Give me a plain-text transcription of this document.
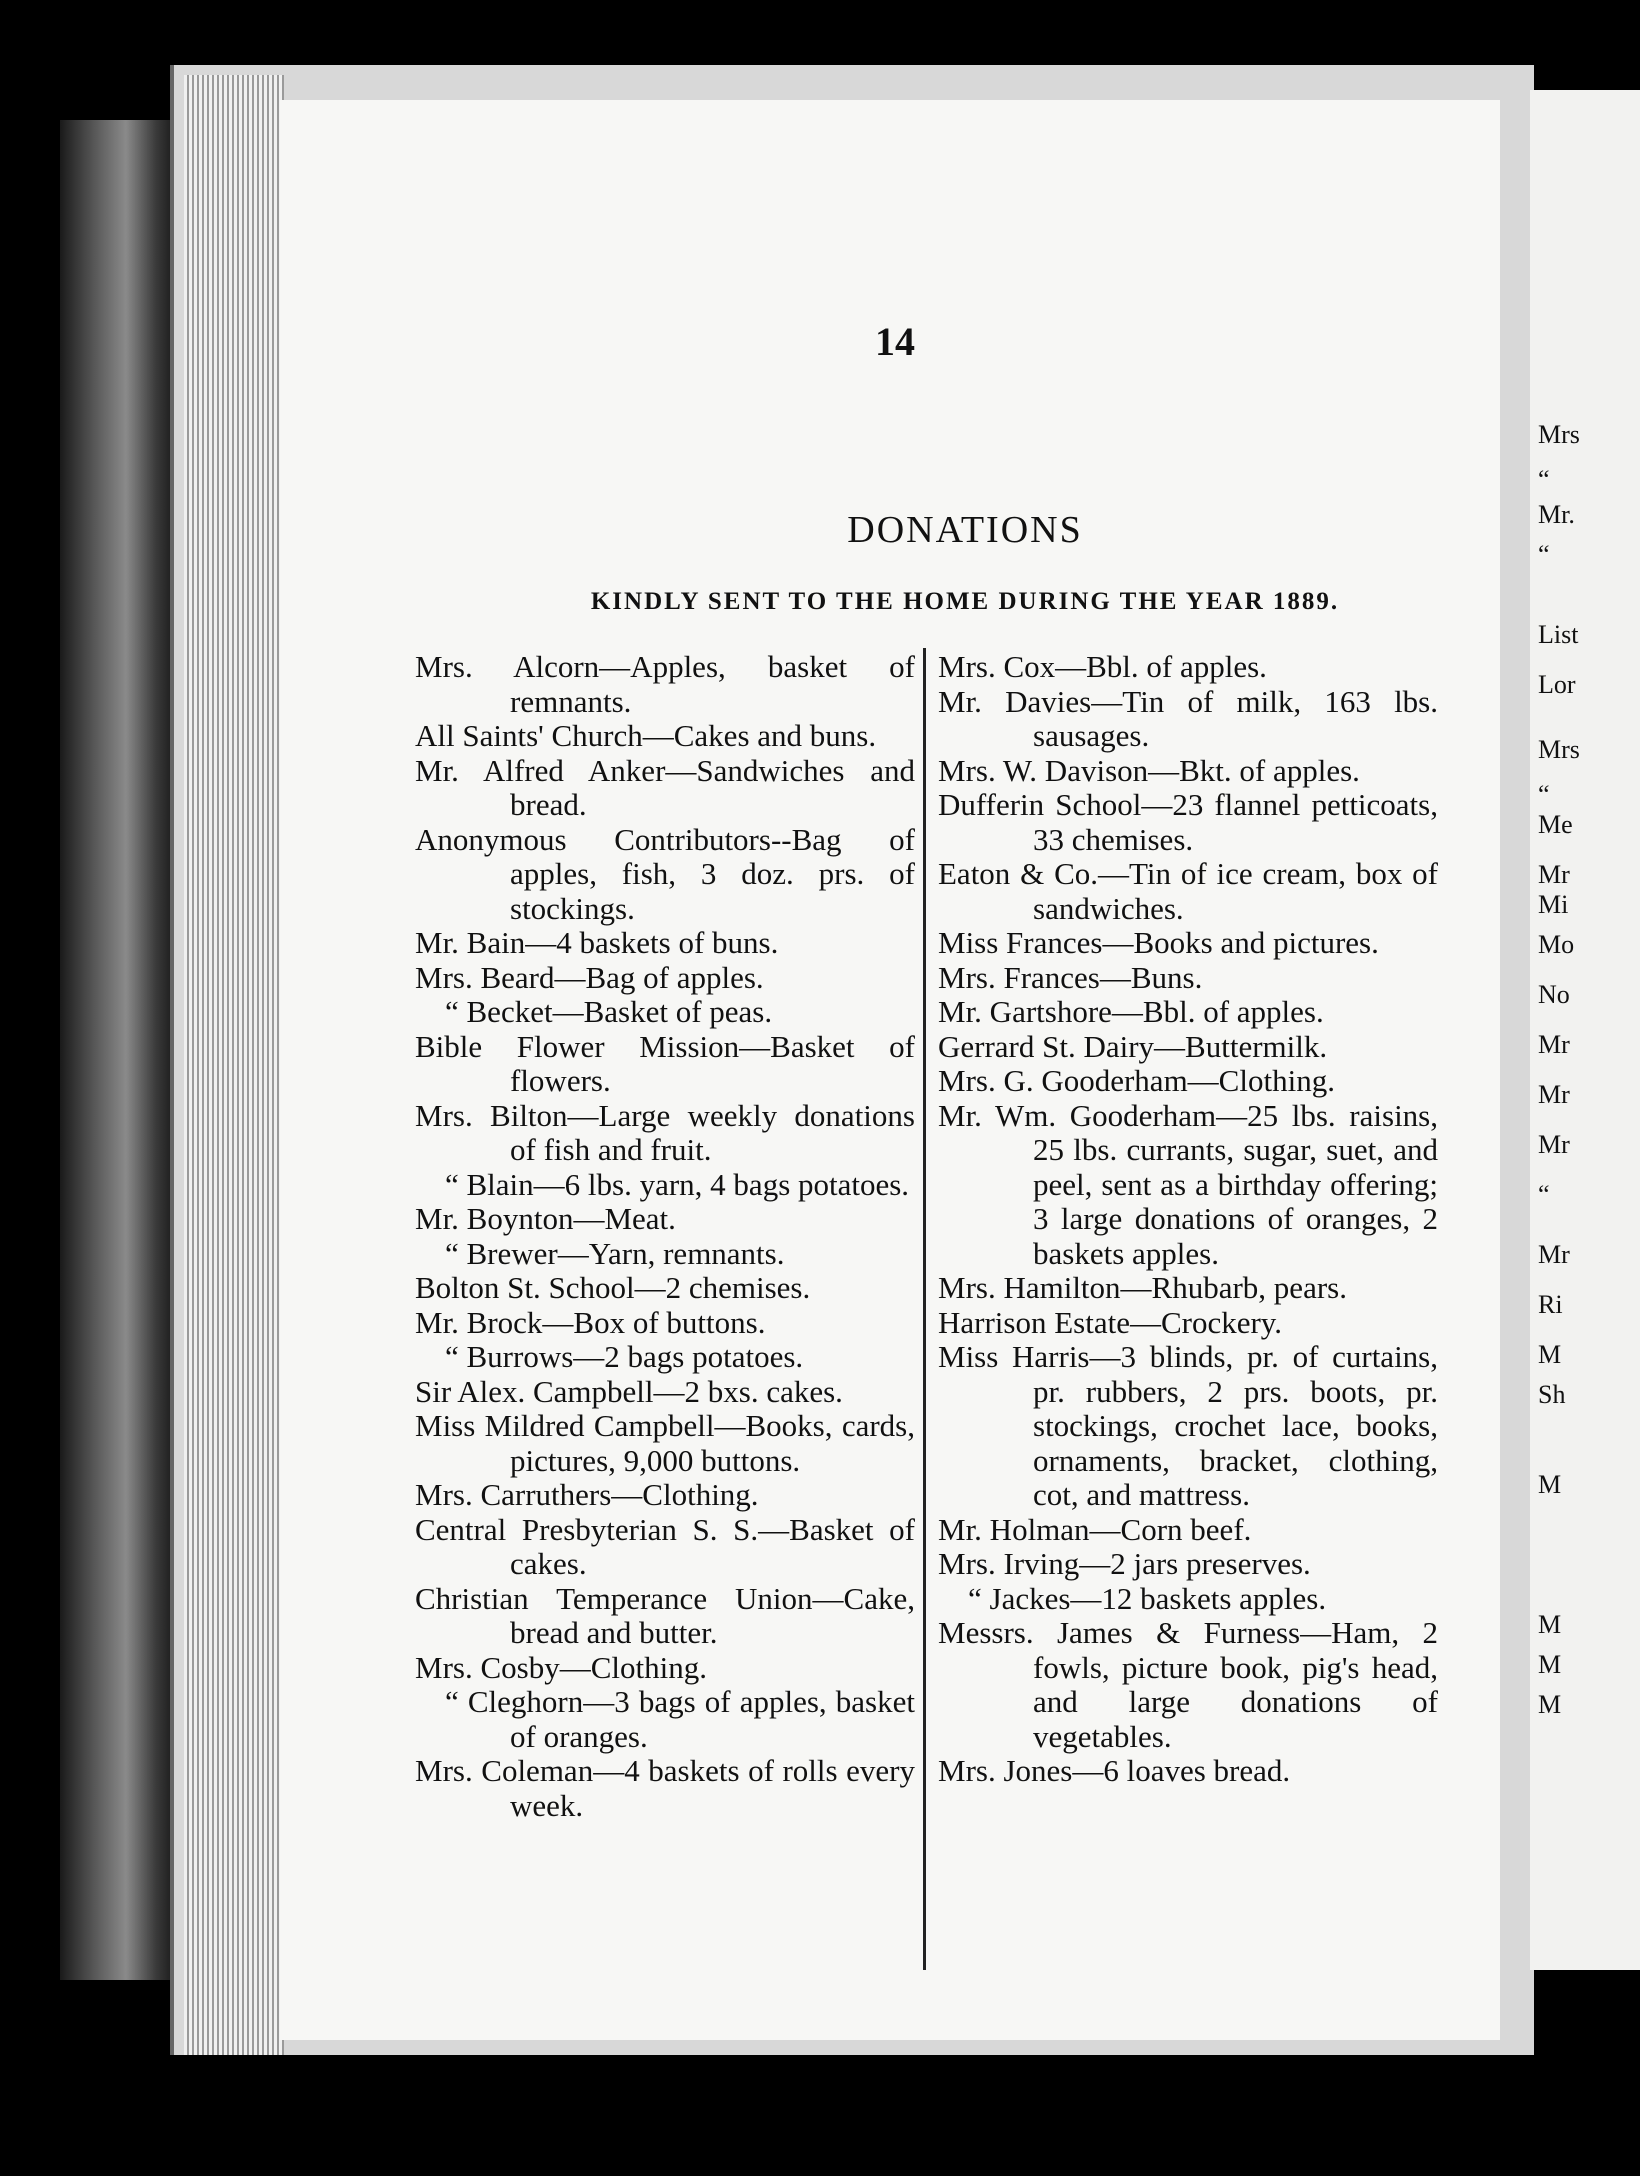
Mrs
“
Mr.
“
List
Lor
Mrs
“
Me
Mr
Mi
Mo
No
Mr
Mr
Mr
“
Mr
Ri
M
Sh
M
M
M
M
14
DONATIONS
KINDLY SENT TO THE HOME DURING THE YEAR 1889.
Mrs. Alcorn—Apples, basket of remnants.
All Saints' Church—Cakes and buns.
Mr. Alfred Anker—Sandwiches and bread.
Anonymous Contributors--Bag of apples, fish, 3 doz. prs. of stockings.
Mr. Bain—4 baskets of buns.
Mrs. Beard—Bag of apples.
“ Becket—Basket of peas.
Bible Flower Mission—Basket of flowers.
Mrs. Bilton—Large weekly donations of fish and fruit.
“ Blain—6 lbs. yarn, 4 bags potatoes.
Mr. Boynton—Meat.
“ Brewer—Yarn, remnants.
Bolton St. School—2 chemises.
Mr. Brock—Box of buttons.
“ Burrows—2 bags potatoes.
Sir Alex. Campbell—2 bxs. cakes.
Miss Mildred Campbell—Books, cards, pictures, 9,000 buttons.
Mrs. Carruthers—Clothing.
Central Presbyterian S. S.—Basket of cakes.
Christian Temperance Union—Cake, bread and butter.
Mrs. Cosby—Clothing.
“ Cleghorn—3 bags of apples, basket of oranges.
Mrs. Coleman—4 baskets of rolls every week.
Mrs. Cox—Bbl. of apples.
Mr. Davies—Tin of milk, 163 lbs. sausages.
Mrs. W. Davison—Bkt. of apples.
Dufferin School—23 flannel petticoats, 33 chemises.
Eaton & Co.—Tin of ice cream, box of sandwiches.
Miss Frances—Books and pictures.
Mrs. Frances—Buns.
Mr. Gartshore—Bbl. of apples.
Gerrard St. Dairy—Buttermilk.
Mrs. G. Gooderham—Clothing.
Mr. Wm. Gooderham—25 lbs. raisins, 25 lbs. currants, sugar, suet, and peel, sent as a birthday offering; 3 large donations of oranges, 2 baskets apples.
Mrs. Hamilton—Rhubarb, pears.
Harrison Estate—Crockery.
Miss Harris—3 blinds, pr. of curtains, pr. rubbers, 2 prs. boots, pr. stockings, crochet lace, books, ornaments, bracket, clothing, cot, and mattress.
Mr. Holman—Corn beef.
Mrs. Irving—2 jars preserves.
“ Jackes—12 baskets apples.
Messrs. James & Furness—Ham, 2 fowls, picture book, pig's head, and large donations of vegetables.
Mrs. Jones—6 loaves bread.
